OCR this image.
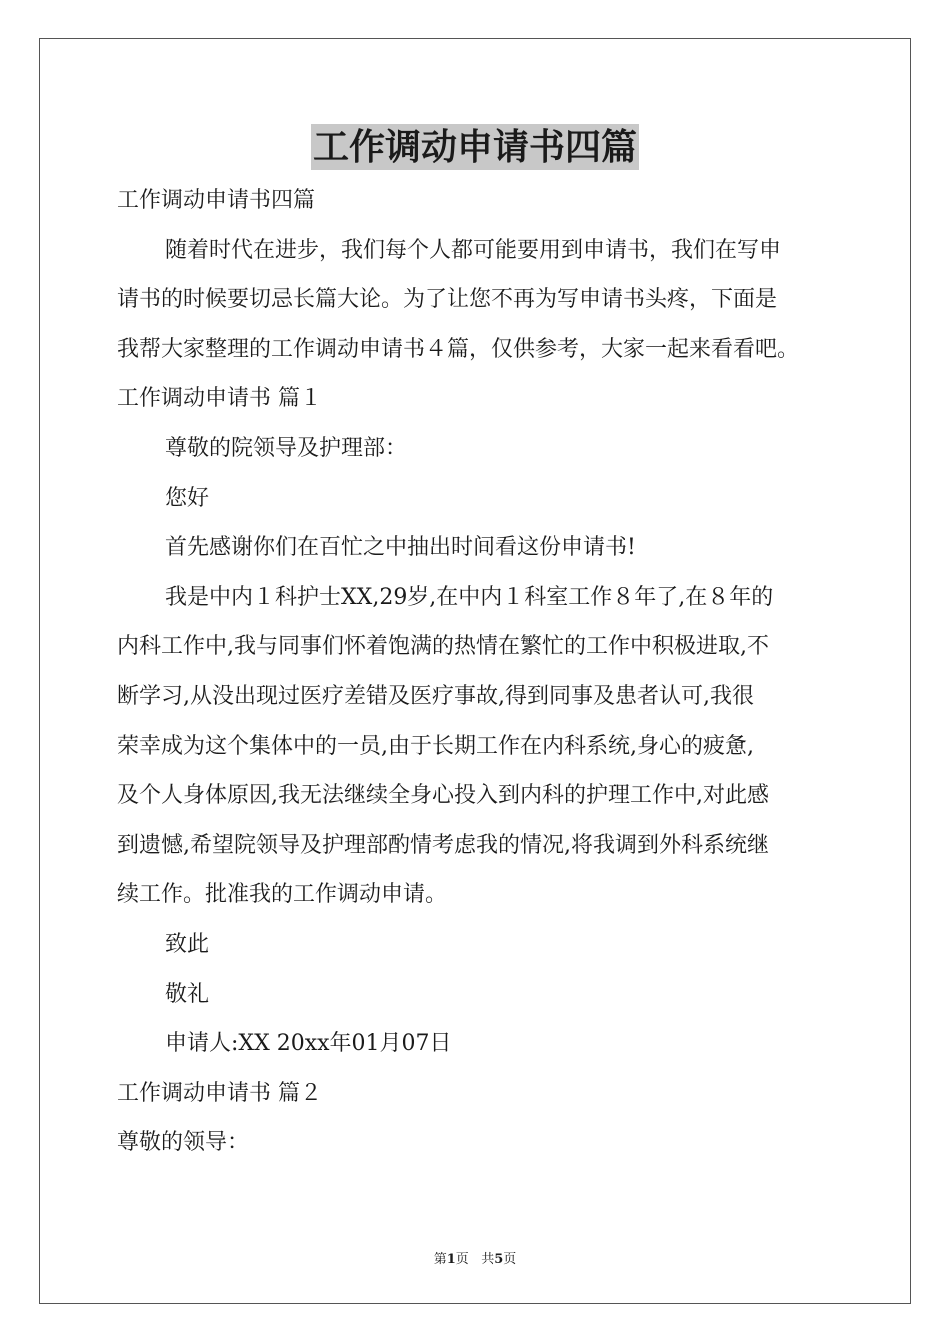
工作调动申请书四篇

工作调动申请书四篇

随着时代在进步，我们每个人都可能要用到申请书，我们在写申

请书的时候要切忌长篇大论。为了让您不再为写申请书头疼，下面是

我帮大家整理的工作调动申请书４篇，仅供参考，大家一起来看看吧。

工作调动申请书 篇１

尊敬的院领导及护理部：

您好

首先感谢你们在百忙之中抽出时间看这份申请书!

我是中内１科护士XX,29岁,在中内１科室工作８年了,在８年的

内科工作中,我与同事们怀着饱满的热情在繁忙的工作中积极进取,不

断学习,从没出现过医疗差错及医疗事故,得到同事及患者认可,我很

荣幸成为这个集体中的一员,由于长期工作在内科系统,身心的疲惫,

及个人身体原因,我无法继续全身心投入到内科的护理工作中,对此感

到遗憾,希望院领导及护理部酌情考虑我的情况,将我调到外科系统继

续工作。批准我的工作调动申请。

致此

敬礼

申请人:XX 20xx年01月07日

工作调动申请书 篇２

尊敬的领导：

第1页   共5页
